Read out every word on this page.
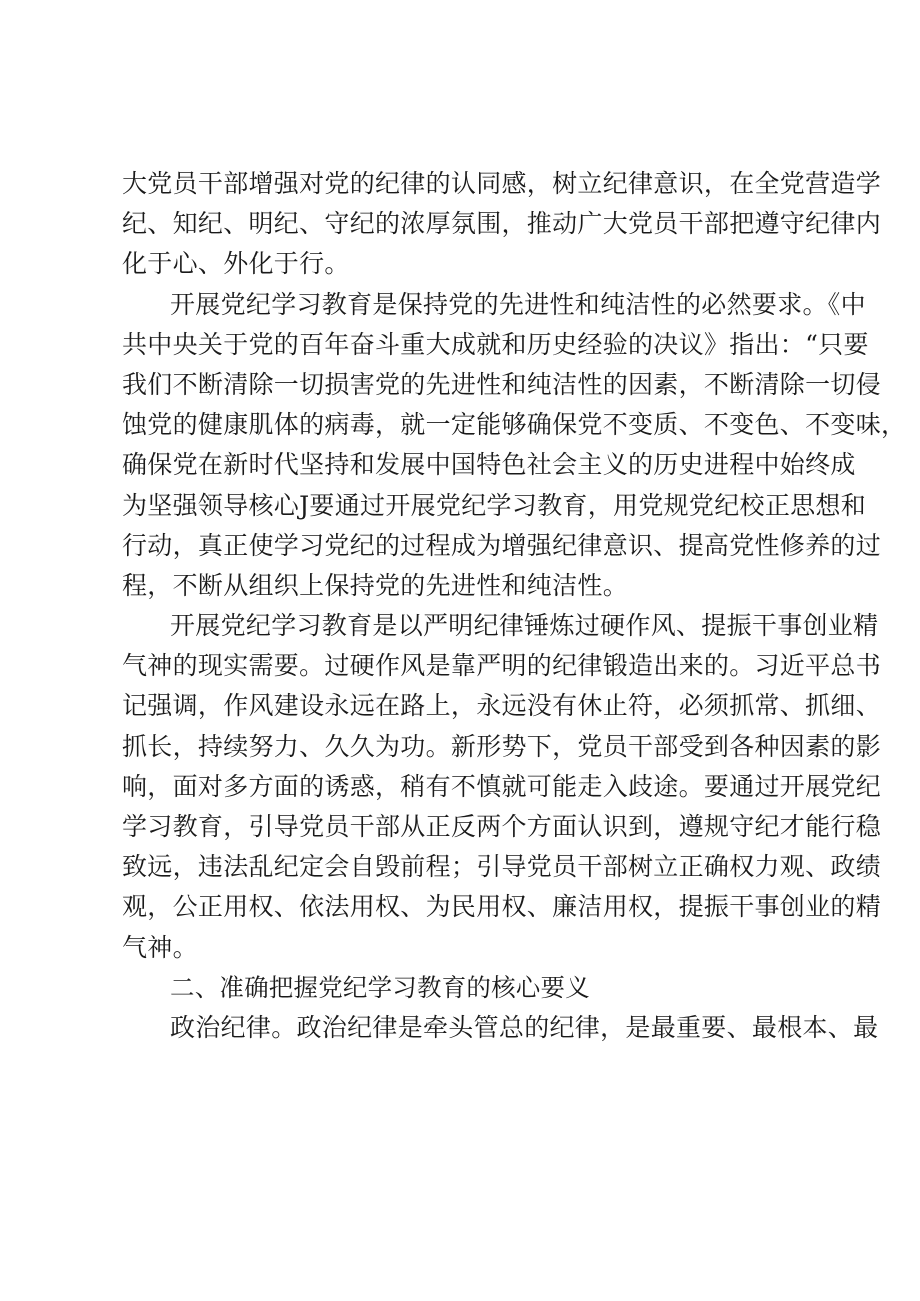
大党员干部增强对党的纪律的认同感，树立纪律意识，在全党营造学
纪、知纪、明纪、守纪的浓厚氛围，推动广大党员干部把遵守纪律内
化于心、外化于行。
开展党纪学习教育是保持党的先进性和纯洁性的必然要求。《中
共中央关于党的百年奋斗重大成就和历史经验的决议》指出：“只要
我们不断清除一切损害党的先进性和纯洁性的因素，不断清除一切侵
蚀党的健康肌体的病毒，就一定能够确保党不变质、不变色、不变味，
确保党在新时代坚持和发展中国特色社会主义的历史进程中始终成
为坚强领导核心J要通过开展党纪学习教育，用党规党纪校正思想和
行动，真正使学习党纪的过程成为增强纪律意识、提高党性修养的过
程，不断从组织上保持党的先进性和纯洁性。
开展党纪学习教育是以严明纪律锤炼过硬作风、提振干事创业精
气神的现实需要。过硬作风是靠严明的纪律锻造出来的。习近平总书
记强调，作风建设永远在路上，永远没有休止符，必须抓常、抓细、
抓长，持续努力、久久为功。新形势下，党员干部受到各种因素的影
响，面对多方面的诱惑，稍有不慎就可能走入歧途。要通过开展党纪
学习教育，引导党员干部从正反两个方面认识到，遵规守纪才能行稳
致远，违法乱纪定会自毁前程；引导党员干部树立正确权力观、政绩
观，公正用权、依法用权、为民用权、廉洁用权，提振干事创业的精
气神。
二、准确把握党纪学习教育的核心要义
政治纪律。政治纪律是牵头管总的纪律，是最重要、最根本、最
